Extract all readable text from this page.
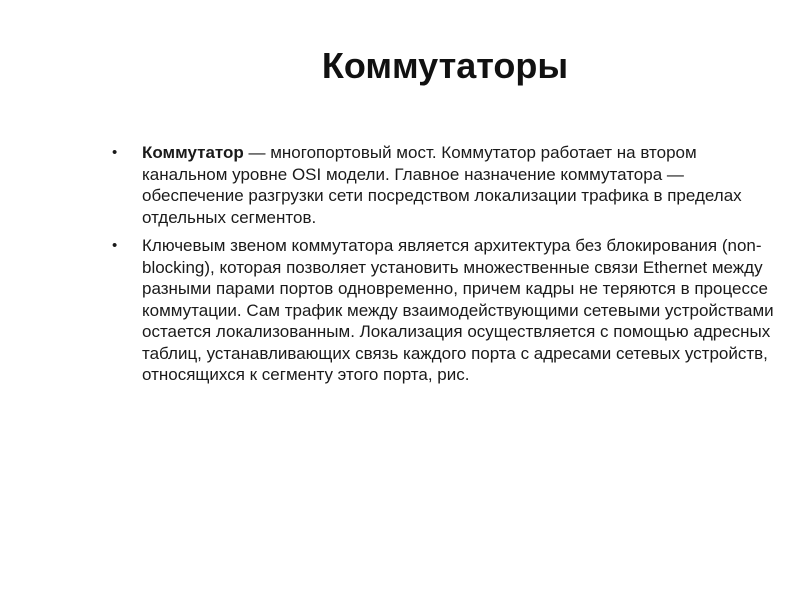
Коммутаторы
• Коммутатор — многопортовый мост. Коммутатор работает на втором канальном уровне OSI модели. Главное назначение коммутатора — обеспечение разгрузки сети посредством локализации трафика в пределах отдельных сегментов.
• Ключевым звеном коммутатора является архитектура без блокирования (non-blocking), которая позволяет установить множественные связи Ethernet между разными парами портов одновременно, причем кадры не теряются в процессе коммутации. Сам трафик между взаимодействующими сетевыми устройствами остается локализованным. Локализация осуществляется с помощью адресных таблиц, устанавливающих связь каждого порта с адресами сетевых устройств, относящихся к сегменту этого порта, рис.
